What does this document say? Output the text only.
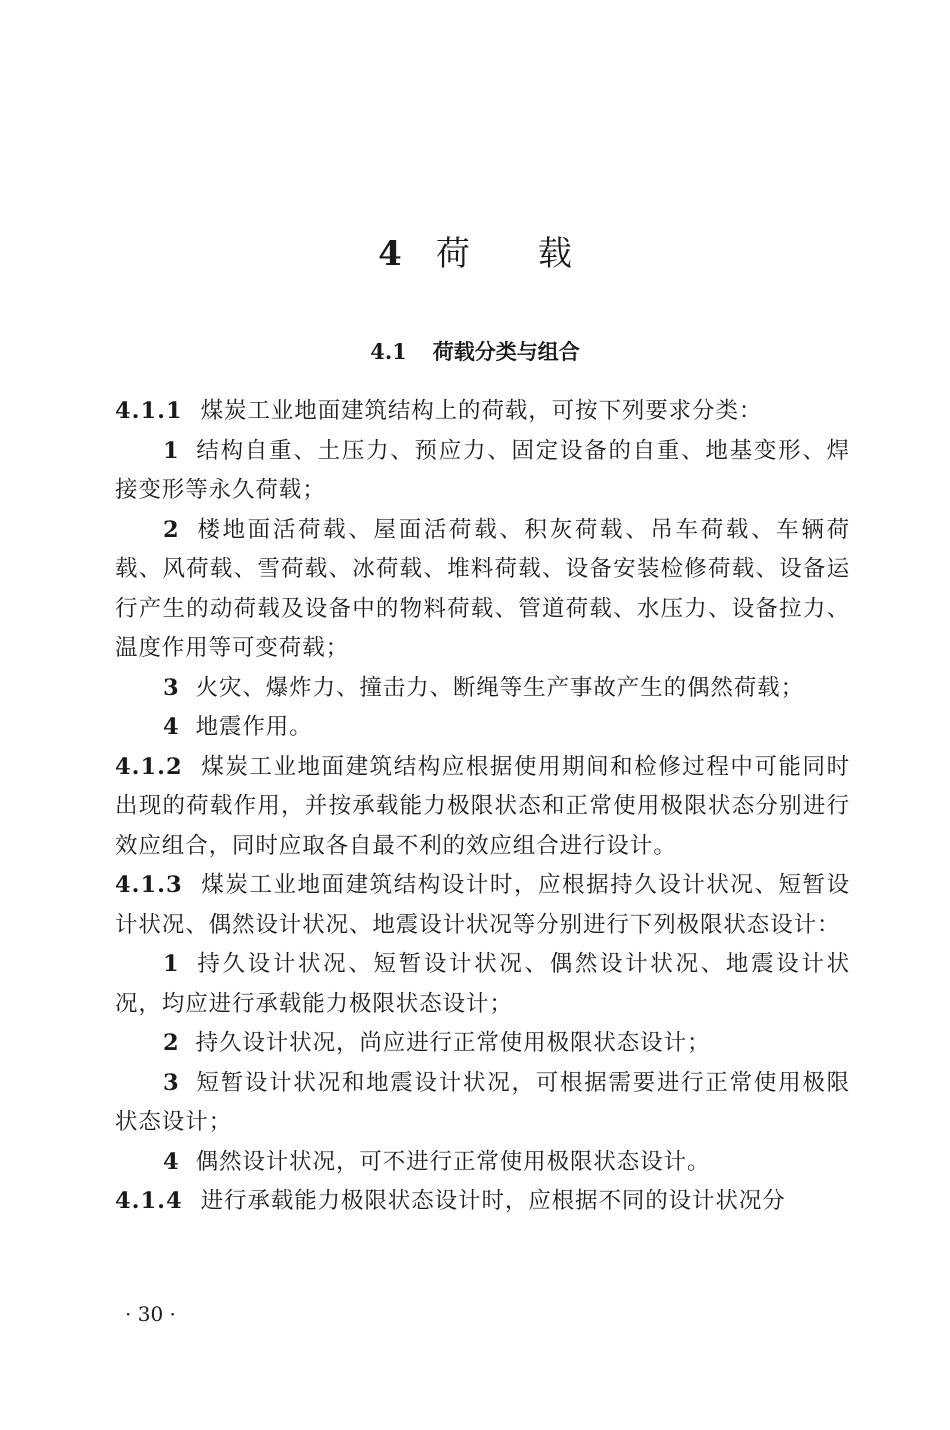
4 荷 载
4.1 荷载分类与组合

4.1.1 煤炭工业地面建筑结构上的荷载，可按下列要求分类：

1 结构自重、土压力、预应力、固定设备的自重、地基变形、焊接变形等永久荷载；

2 楼地面活荷载、屋面活荷载、积灰荷载、吊车荷载、车辆荷载、风荷载、雪荷载、冰荷载、堆料荷载、设备安装检修荷载、设备运行产生的动荷载及设备中的物料荷载、管道荷载、水压力、设备拉力、温度作用等可变荷载；

3 火灾、爆炸力、撞击力、断绳等生产事故产生的偶然荷载；

4 地震作用。

4.1.2 煤炭工业地面建筑结构应根据使用期间和检修过程中可能同时出现的荷载作用，并按承载能力极限状态和正常使用极限状态分别进行效应组合，同时应取各自最不利的效应组合进行设计。

4.1.3 煤炭工业地面建筑结构设计时，应根据持久设计状况、短暂设计状况、偶然设计状况、地震设计状况等分别进行下列极限状态设计：

1 持久设计状况、短暂设计状况、偶然设计状况、地震设计状况，均应进行承载能力极限状态设计；

2 持久设计状况，尚应进行正常使用极限状态设计；

3 短暂设计状况和地震设计状况，可根据需要进行正常使用极限状态设计；

4 偶然设计状况，可不进行正常使用极限状态设计。

4.1.4 进行承载能力极限状态设计时，应根据不同的设计状况分

· 30 ·
